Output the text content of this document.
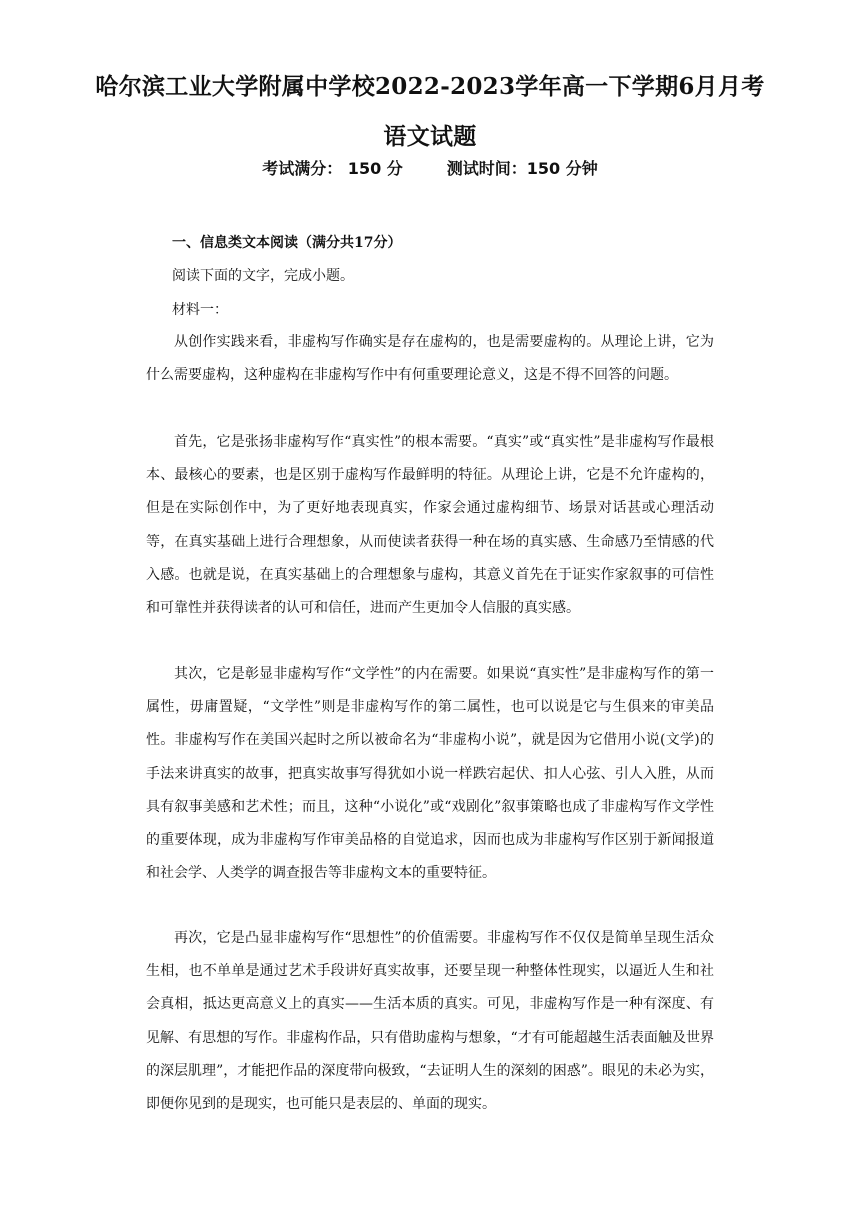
哈尔滨工业大学附属中学校2022-2023学年高一下学期6月月考
语文试题
考试满分： 150 分	测试时间：150 分钟
一、信息类文本阅读（满分共17分）
阅读下面的文字，完成小题。
材料一：

从创作实践来看，非虚构写作确实是存在虚构的，也是需要虚构的。从理论上讲，它为什么需要虚构，这种虚构在非虚构写作中有何重要理论意义，这是不得不回答的问题。

首先，它是张扬非虚构写作“真实性”的根本需要。“真实”或“真实性”是非虚构写作最根本、最核心的要素，也是区别于虚构写作最鲜明的特征。从理论上讲，它是不允许虚构的，但是在实际创作中，为了更好地表现真实，作家会通过虚构细节、场景对话甚或心理活动等，在真实基础上进行合理想象，从而使读者获得一种在场的真实感、生命感乃至情感的代入感。也就是说，在真实基础上的合理想象与虚构，其意义首先在于证实作家叙事的可信性和可靠性并获得读者的认可和信任，进而产生更加令人信服的真实感。

其次，它是彰显非虚构写作“文学性”的内在需要。如果说“真实性”是非虚构写作的第一属性，毋庸置疑，“文学性”则是非虚构写作的第二属性，也可以说是它与生俱来的审美品性。非虚构写作在美国兴起时之所以被命名为“非虚构小说”，就是因为它借用小说(文学)的手法来讲真实的故事，把真实故事写得犹如小说一样跌宕起伏、扣人心弦、引人入胜，从而具有叙事美感和艺术性；而且，这种“小说化”或“戏剧化”叙事策略也成了非虚构写作文学性的重要体现，成为非虚构写作审美品格的自觉追求，因而也成为非虚构写作区别于新闻报道和社会学、人类学的调查报告等非虚构文本的重要特征。

再次，它是凸显非虚构写作“思想性”的价值需要。非虚构写作不仅仅是简单呈现生活众生相，也不单单是通过艺术手段讲好真实故事，还要呈现一种整体性现实，以逼近人生和社会真相，抵达更高意义上的真实——生活本质的真实。可见，非虚构写作是一种有深度、有见解、有思想的写作。非虚构作品，只有借助虚构与想象，“才有可能超越生活表面触及世界的深层肌理”，才能把作品的深度带向极致，“去证明人生的深刻的困惑”。眼见的未必为实，即便你见到的是现实，也可能只是表层的、单面的现实。
